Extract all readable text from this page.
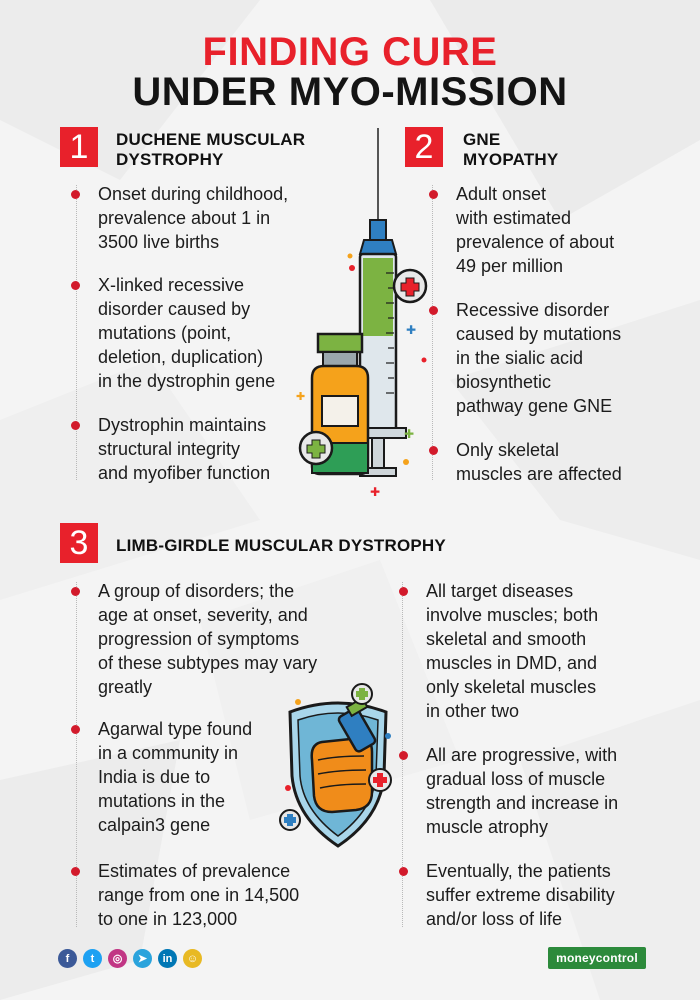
FINDING CURE
UNDER MYO-MISSION
1	DUCHENE MUSCULAR
DYSTROPHY	2	GNE
MYOPATHY
Onset during childhood,
prevalence about 1 in
3500 live births
X-linked recessive
disorder caused by
mutations (point,
deletion, duplication)
in the dystrophin gene
Dystrophin maintains
structural integrity
and myofiber function
Adult onset
with estimated
prevalence of about
49 per million
Recessive disorder
caused by mutations
in the sialic acid
biosynthetic
pathway gene GNE
Only skeletal
muscles are affected
✚
✚
✚
✚
3	LIMB-GIRDLE MUSCULAR DYSTROPHY
A group of disorders; the
age at onset, severity, and
progression of symptoms
of these subtypes may vary
greatly
Agarwal type found
in a community in
India is due to
mutations in the
calpain3 gene
Estimates of prevalence
range from one in 14,500
to one in 123,000
All target diseases
involve muscles; both
skeletal and smooth
muscles in DMD, and
only skeletal muscles
in other two
All are progressive, with
gradual loss of muscle
strength and increase in
muscle atrophy
Eventually, the patients
suffer extreme disability
and/or loss of life
f	t	◎	➤	in	☺	moneycontrol
